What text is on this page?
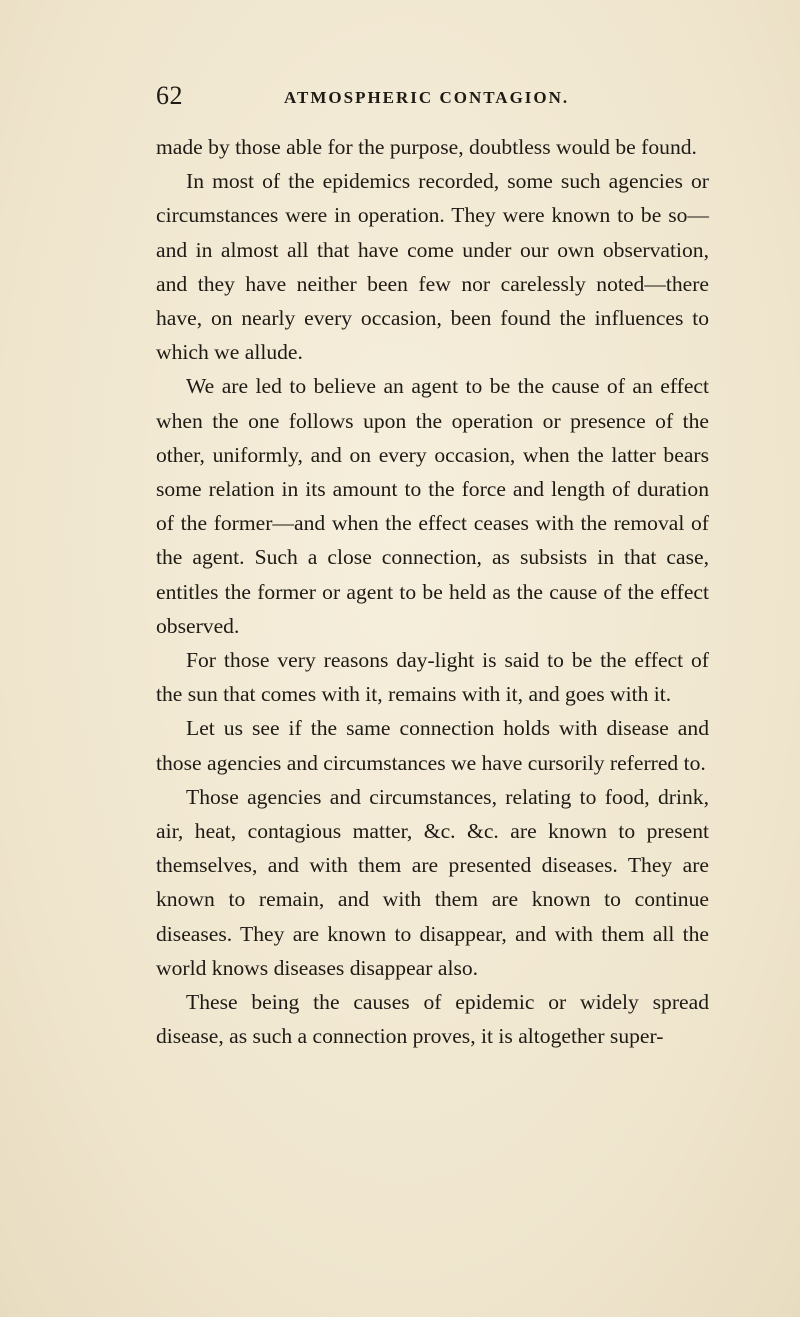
62	ATMOSPHERIC CONTAGION.

made by those able for the purpose, doubtless would be found.

In most of the epidemics recorded, some such agencies or circumstances were in operation. They were known to be so—and in almost all that have come under our own observation, and they have neither been few nor carelessly noted—there have, on nearly every occasion, been found the influences to which we allude.

We are led to believe an agent to be the cause of an effect when the one follows upon the operation or presence of the other, uniformly, and on every occasion, when the latter bears some relation in its amount to the force and length of duration of the former—and when the effect ceases with the removal of the agent. Such a close connection, as subsists in that case, entitles the former or agent to be held as the cause of the effect observed.

For those very reasons day-light is said to be the effect of the sun that comes with it, remains with it, and goes with it.

Let us see if the same connection holds with disease and those agencies and circumstances we have cursorily referred to.

Those agencies and circumstances, relating to food, drink, air, heat, contagious matter, &c. &c. are known to present themselves, and with them are presented diseases. They are known to remain, and with them are known to continue diseases. They are known to disappear, and with them all the world knows diseases disappear also.

These being the causes of epidemic or widely spread disease, as such a connection proves, it is altogether super-
